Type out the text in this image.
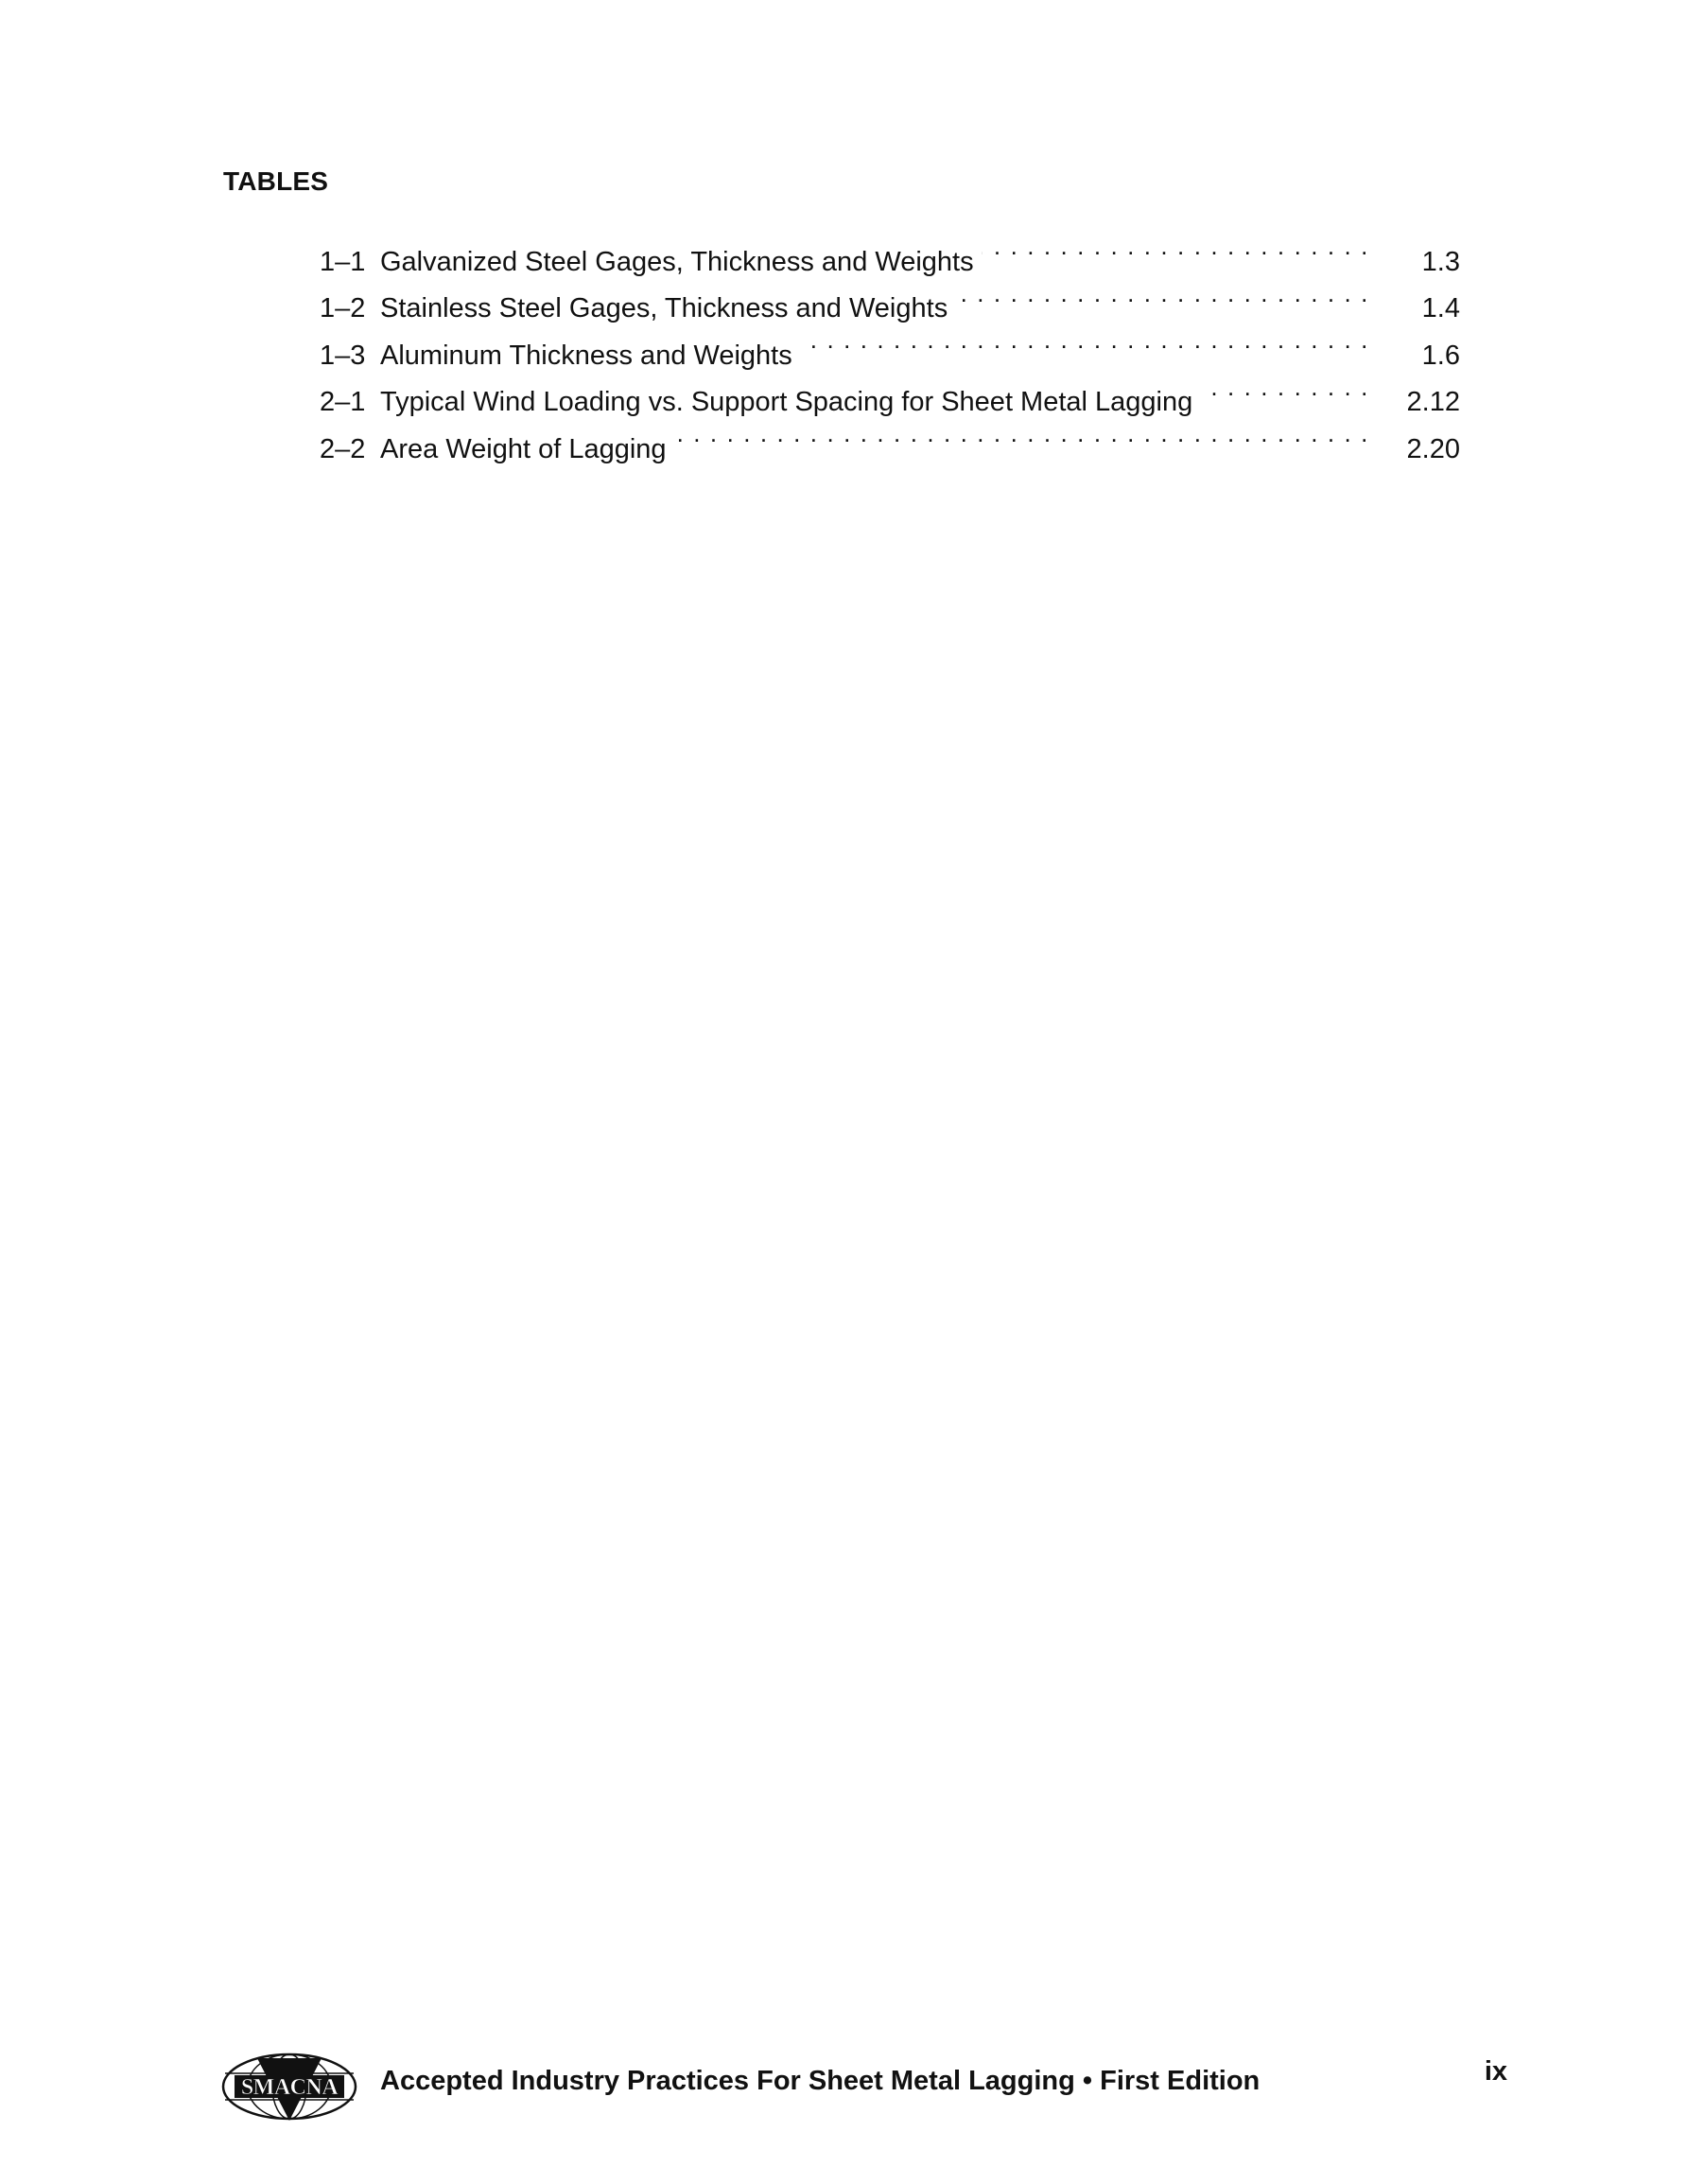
TABLES
1–1 Galvanized Steel Gages, Thickness and Weights . . .	1.3
1–2 Stainless Steel Gages, Thickness and Weights . . .	1.4
1–3 Aluminum Thickness and Weights . . .	1.6
2–1 Typical Wind Loading vs. Support Spacing for Sheet Metal Lagging . . .	2.12
2–2 Area Weight of Lagging . . .	2.20
SMACNA Accepted Industry Practices For Sheet Metal Lagging • First Edition	ix
